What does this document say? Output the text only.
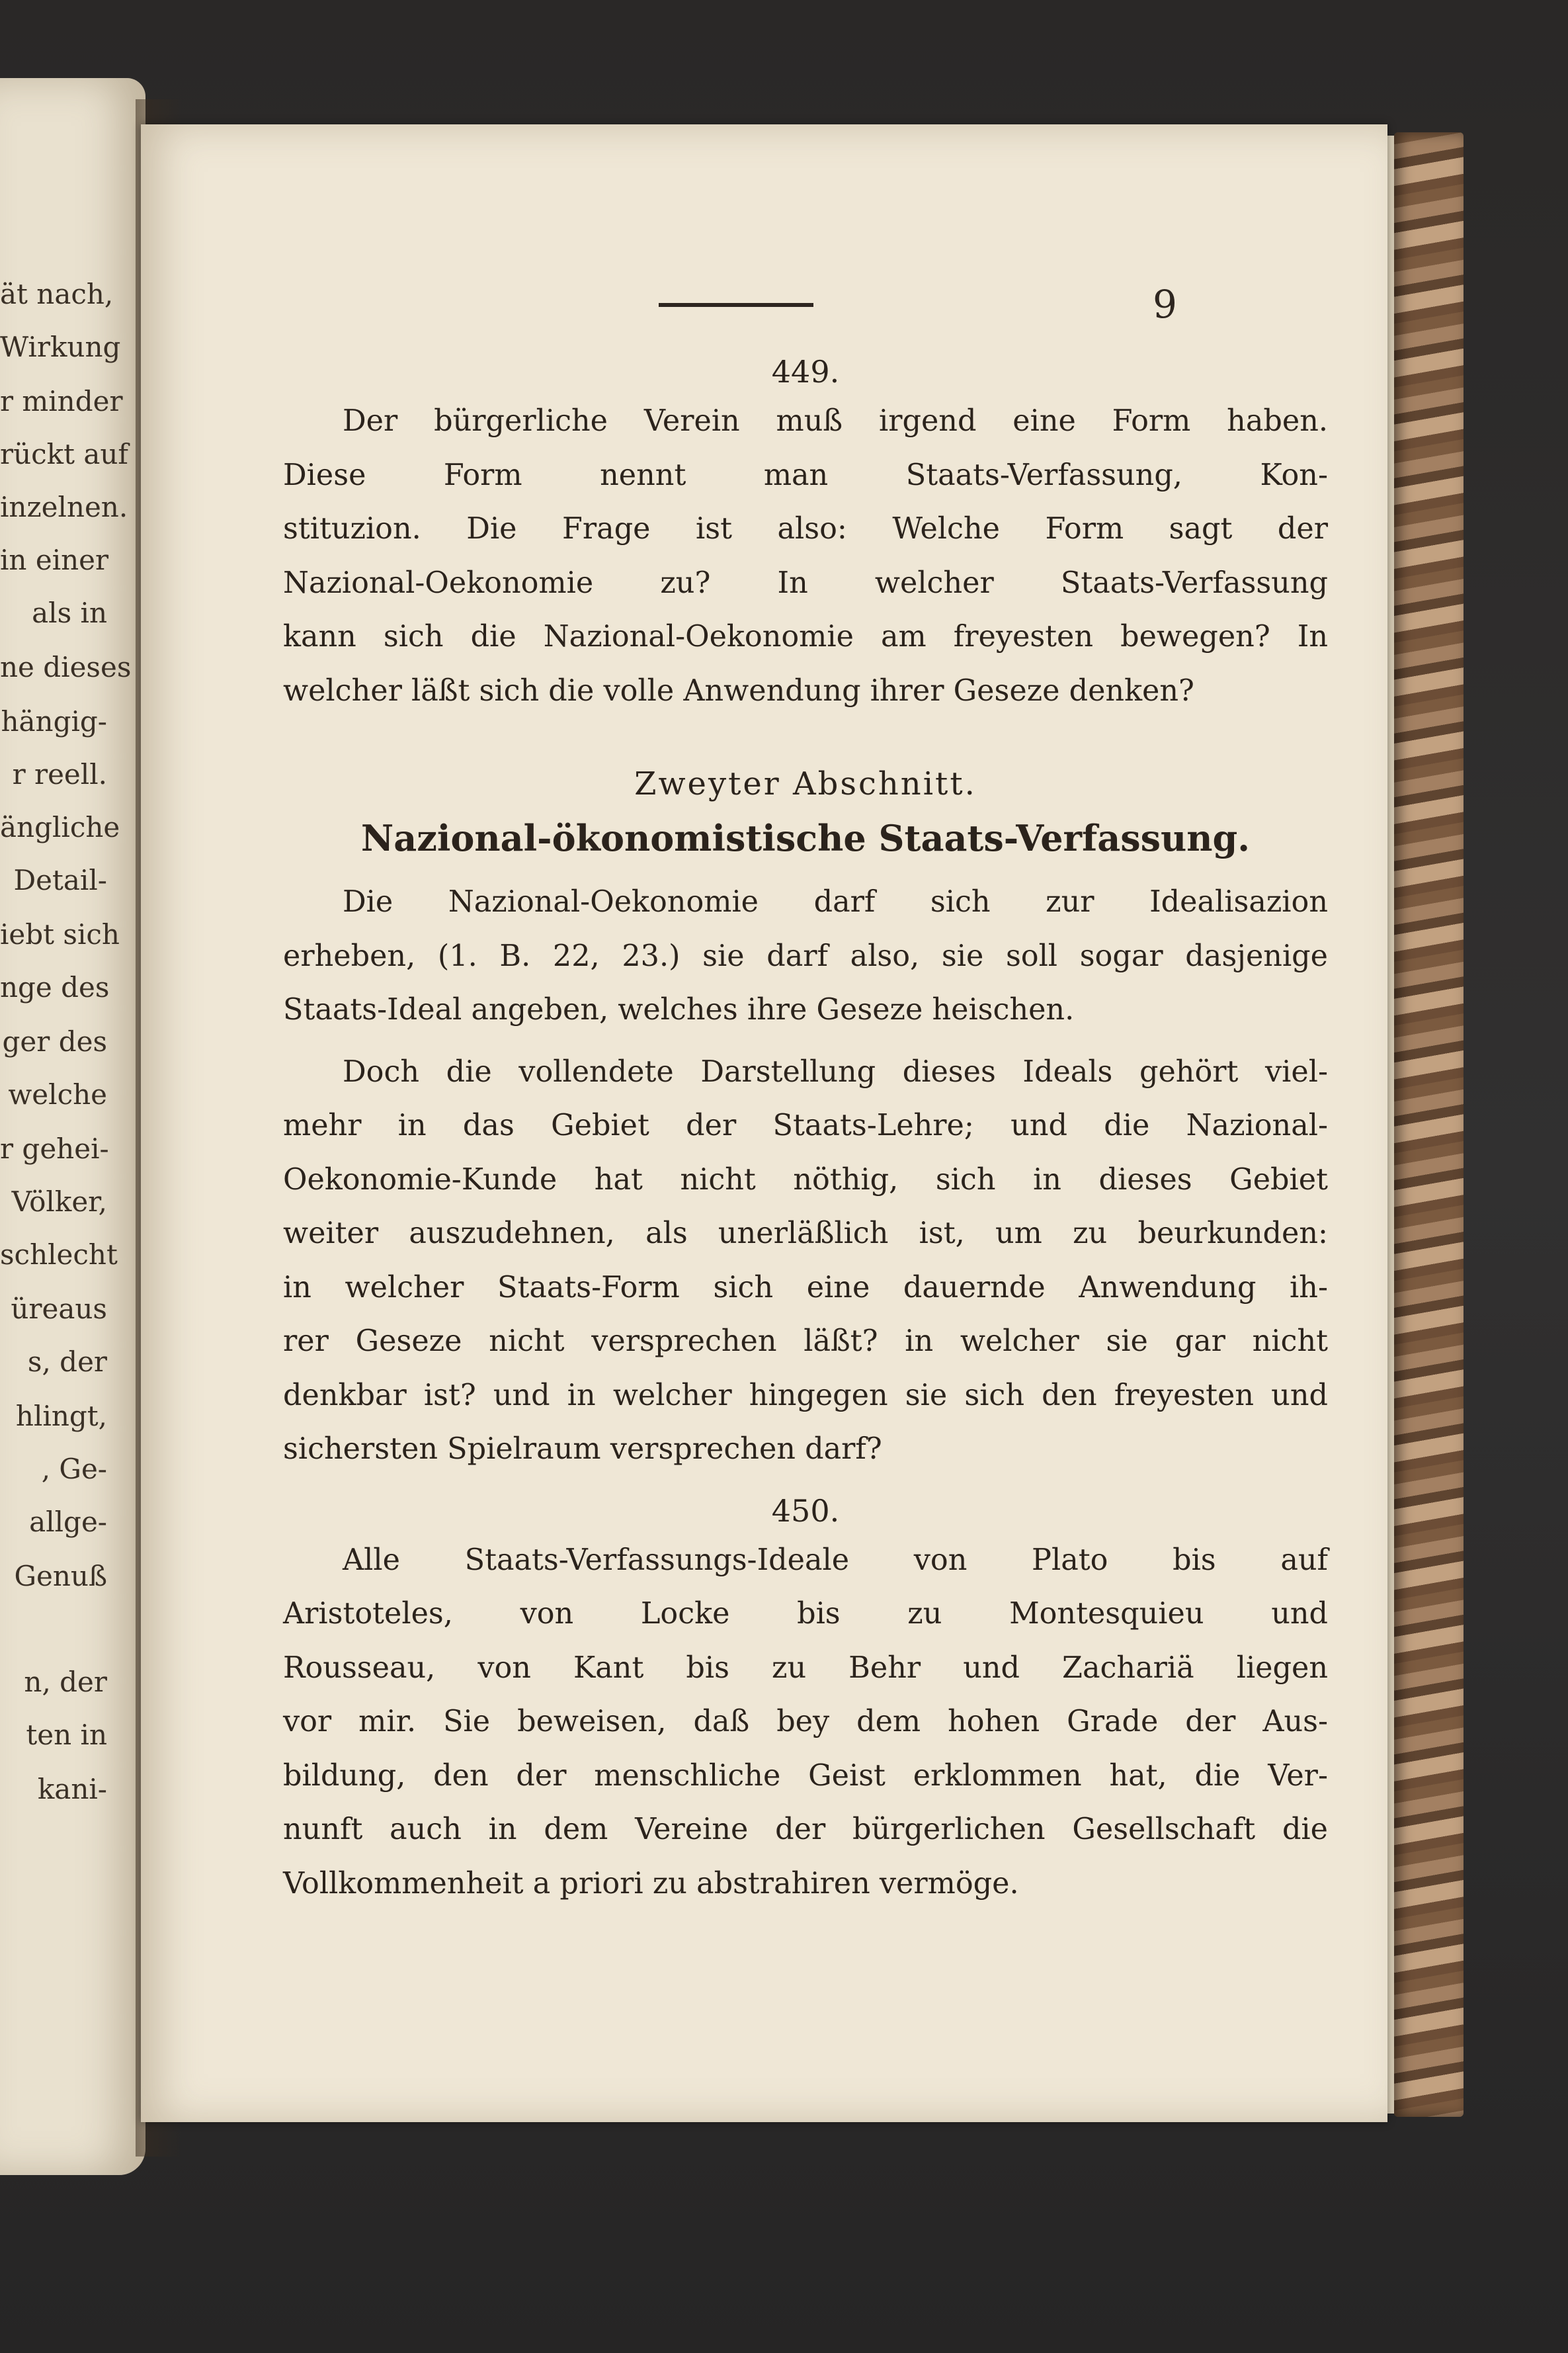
ät nach,
Wirkung
r minder
rückt auf
inzelnen.
in einer
als in
ne dieses
hängig-
r reell.
ängliche
Detail-
iebt sich
nge des
ger des
welche
r gehei-
Völker,
schlecht
üreaus
s, der
hlingt,
, Ge-
allge-
Genuß
n, der
ten in
kani-
9

449.

Der bürgerliche Verein muß irgend eine Form haben.
Diese Form nennt man Staats-Verfassung, Kon-
stituzion. Die Frage ist also: Welche Form sagt der
Nazional-Oekonomie zu? In welcher Staats-Verfassung
kann sich die Nazional-Oekonomie am freyesten bewegen? In
welcher läßt sich die volle Anwendung ihrer Geseze denken?

Zweyter Abschnitt.

Nazional-ökonomistische Staats-Verfassung.

Die Nazional-Oekonomie darf sich zur Idealisazion
erheben, (1. B. 22, 23.) sie darf also, sie soll sogar dasjenige
Staats-Ideal angeben, welches ihre Geseze heischen.
Doch die vollendete Darstellung dieses Ideals gehört viel-
mehr in das Gebiet der Staats-Lehre; und die Nazional-
Oekonomie-Kunde hat nicht nöthig, sich in dieses Gebiet
weiter auszudehnen, als unerläßlich ist, um zu beurkunden:
in welcher Staats-Form sich eine dauernde Anwendung ih-
rer Geseze nicht versprechen läßt? in welcher sie gar nicht
denkbar ist? und in welcher hingegen sie sich den freyesten und
sichersten Spielraum versprechen darf?

450.

Alle Staats-Verfassungs-Ideale von Plato bis auf
Aristoteles, von Locke bis zu Montesquieu und
Rousseau, von Kant bis zu Behr und Zachariä liegen
vor mir. Sie beweisen, daß bey dem hohen Grade der Aus-
bildung, den der menschliche Geist erklommen hat, die Ver-
nunft auch in dem Vereine der bürgerlichen Gesellschaft die
Vollkommenheit a priori zu abstrahiren vermöge.
